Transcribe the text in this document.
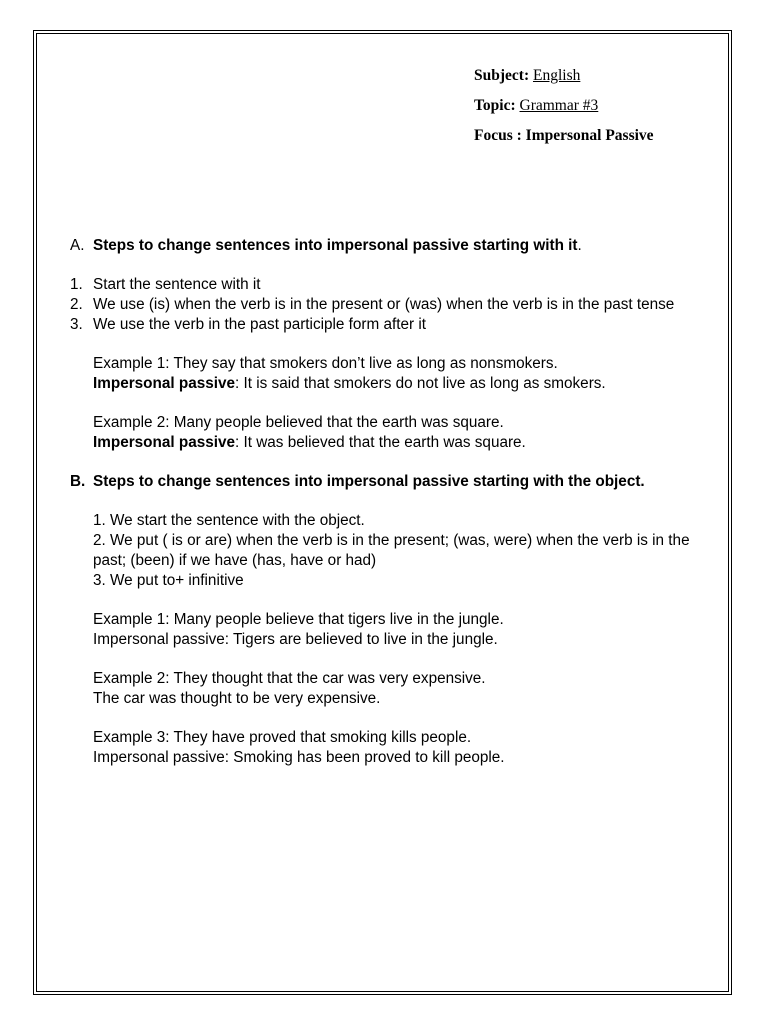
Subject: English
Topic: Grammar #3
Focus : Impersonal Passive
A. Steps to change sentences into impersonal passive starting with it.
1. Start the sentence with it
2. We use (is) when the verb is in the present or (was) when the verb is in the past tense
3. We use the verb in the past participle form after it
Example 1: They say that smokers don’t live as long as nonsmokers.
Impersonal passive: It is said that smokers do not live as long as smokers.
Example 2: Many people believed that the earth was square.
Impersonal passive: It was believed that the earth was square.
B. Steps to change sentences into impersonal passive starting with the object.
1. We start the sentence with the object.
2. We put ( is or are) when the verb is in the present; (was, were) when the verb is in the past; (been) if we have (has, have or had)
3. We put to+ infinitive
Example 1: Many people believe that tigers live in the jungle.
Impersonal passive: Tigers are believed to live in the jungle.
Example 2: They thought that the car was very expensive.
The car was thought to be very expensive.
Example 3: They have proved that smoking kills people.
Impersonal passive: Smoking has been proved to kill people.
